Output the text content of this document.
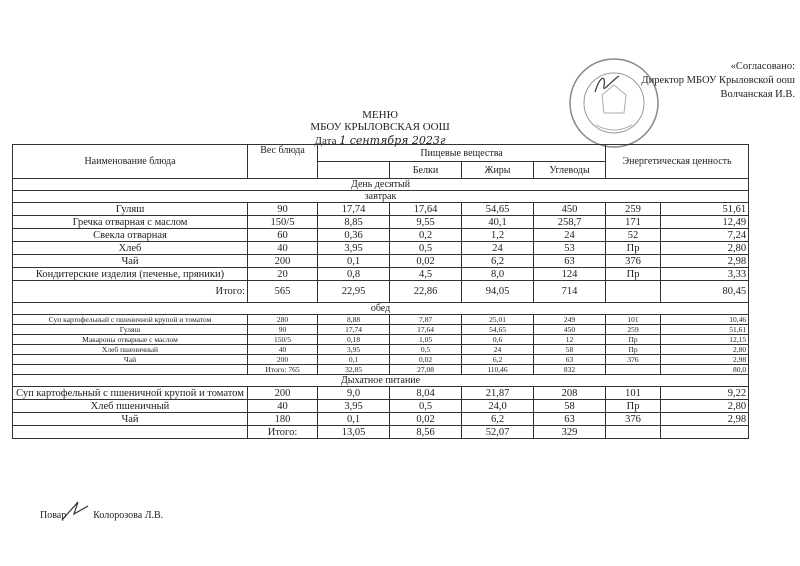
«Согласовано:
Директор МБОУ Крыловской оош
Волчанская И.В.
МЕНЮ
МБОУ КРЫЛОВСКАЯ ООШ
Дата 1 сентября 2023г
Наименование блюда	Вес блюда	Пищевые вещества				Энергетическая ценность	
			Белки	Жиры	Углеводы		
День десятый							
завтрак							
Гуляш	90	17,74	17,64	54,65	450	259	51,61
Гречка отварная с маслом	150/5	8,85	9,55	40,1	258,7	171	12,49
Свекла отварная	60	0,36	0,2	1,2	24	52	7,24
Хлеб	40	3,95	0,5	24	53	Пр	2,80
Чай	200	0,1	0,02	6,2	63	376	2,98
Кондитерские изделия (печенье, пряники)	20	0,8	4,5	8,0	124	Пр	3,33
Итого:	565	22,95	22,86	94,05	714		80,45
обед							
Суп картофельный с пшеничной крупой и томатом	280	8,88	7,87	25,01	249	101	10,46
Гуляш	90	17,74	17,64	54,65	450	259	51,61
Макароны отварные с маслом	150/5	0,18	1,05	0,6	12	Пр	12,15
Хлеб пшеничный	40	3,95	0,5	24	58	Пр	2,80
Чай	200	0,1	0,02	6,2	63	376	2,98
	Итого: 765	32,85	27,08	110,46	832		80,0
Дыхатное питание							
Суп картофельный с пшеничной крупой и томатом	200	9,0	8,04	21,87	208	101	9,22
Хлеб пшеничный	40	3,95	0,5	24,0	58	Пр	2,80
Чай	180	0,1	0,02	6,2	63	376	2,98
	Итого:	13,05	8,56	52,07	329		
Повар	Колорозова Л.В.
